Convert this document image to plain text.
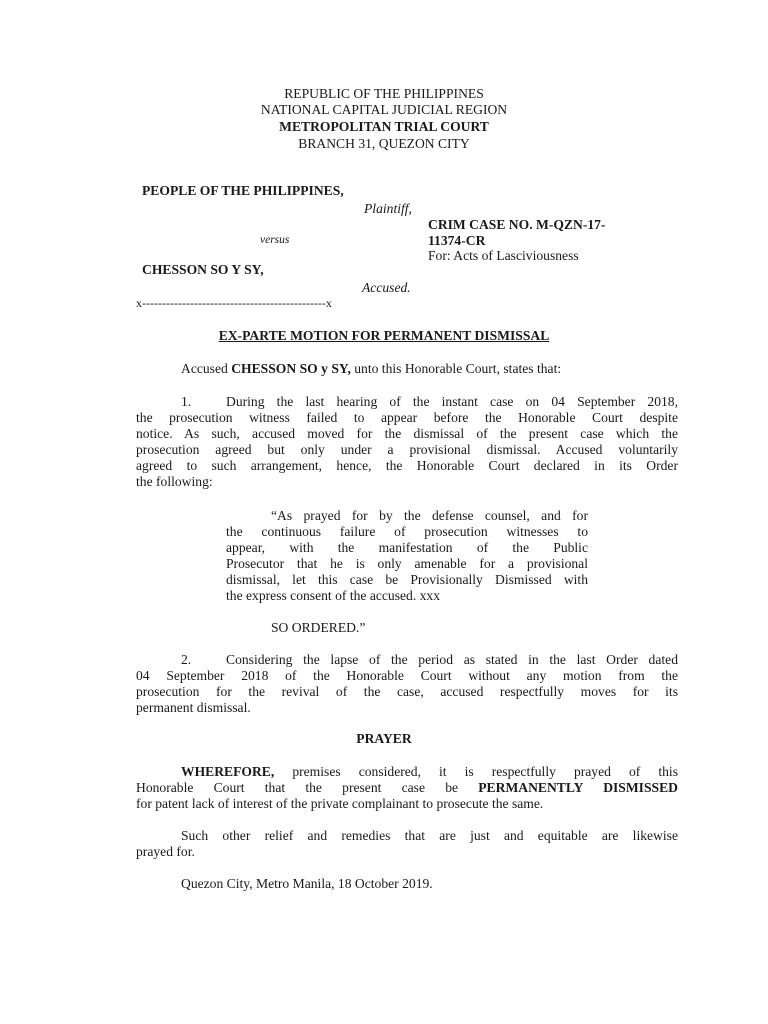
REPUBLIC OF THE PHILIPPINES
NATIONAL CAPITAL JUDICIAL REGION
METROPOLITAN TRIAL COURT
BRANCH 31, QUEZON CITY
PEOPLE OF THE PHILIPPINES,
Plaintiff,
versus
CHESSON SO Y SY,
Accused.
x----------------------------------------------x
CRIM CASE NO. M-QZN-17-
11374-CR
For: Acts of Lasciviousness
EX-PARTE MOTION FOR PERMANENT DISMISSAL
Accused CHESSON SO y SY, unto this Honorable Court, states that:
1.	During the last hearing of the instant case on 04 September 2018,
the prosecution witness failed to appear before the Honorable Court despite
notice. As such, accused moved for the dismissal of the present case which the
prosecution agreed but only under a provisional dismissal. Accused voluntarily
agreed to such arrangement, hence, the Honorable Court declared in its Order
the following:
“As prayed for by the defense counsel, and for
the continuous failure of prosecution witnesses to
appear, with the manifestation of the Public
Prosecutor that he is only amenable for a provisional
dismissal, let this case be Provisionally Dismissed with
the express consent of the accused. xxx
SO ORDERED.”
2.	Considering the lapse of the period as stated in the last Order dated
04 September 2018 of the Honorable Court without any motion from the
prosecution for the revival of the case, accused respectfully moves for its
permanent dismissal.
PRAYER
WHEREFORE, premises considered, it is respectfully prayed of this
Honorable Court that the present case be PERMANENTLY DISMISSED
for patent lack of interest of the private complainant to prosecute the same.
Such other relief and remedies that are just and equitable are likewise
prayed for.
Quezon City, Metro Manila, 18 October 2019.
